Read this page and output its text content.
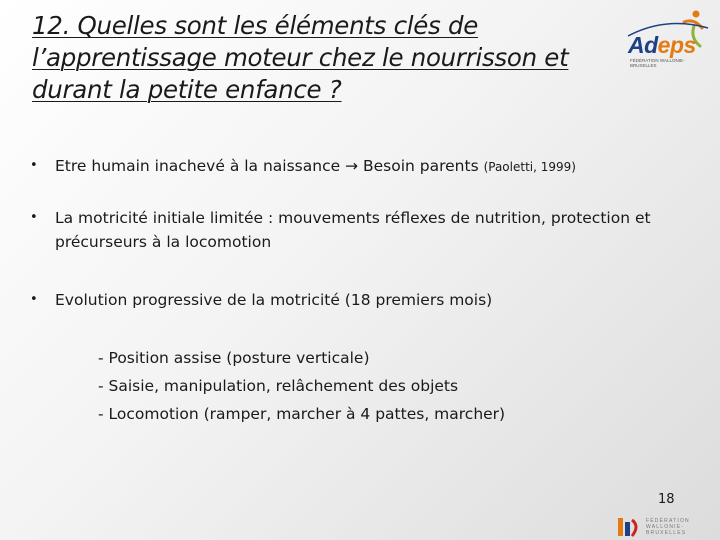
12. Quelles sont les éléments clés de l’apprentissage moteur chez le nourrisson et durant la petite enfance ?
Adeps
FÉDÉRATION WALLONIE-BRUXELLES
• Etre humain inachevé à la naissance → Besoin parents (Paoletti, 1999)
• La motricité initiale limitée : mouvements réflexes de nutrition, protection et précurseurs à la locomotion
• Evolution progressive de la motricité (18 premiers mois)
- Position assise (posture verticale)
- Saisie, manipulation, relâchement des objets
- Locomotion (ramper, marcher à 4 pattes, marcher)
18
FÉDÉRATION
WALLONIE-BRUXELLES
